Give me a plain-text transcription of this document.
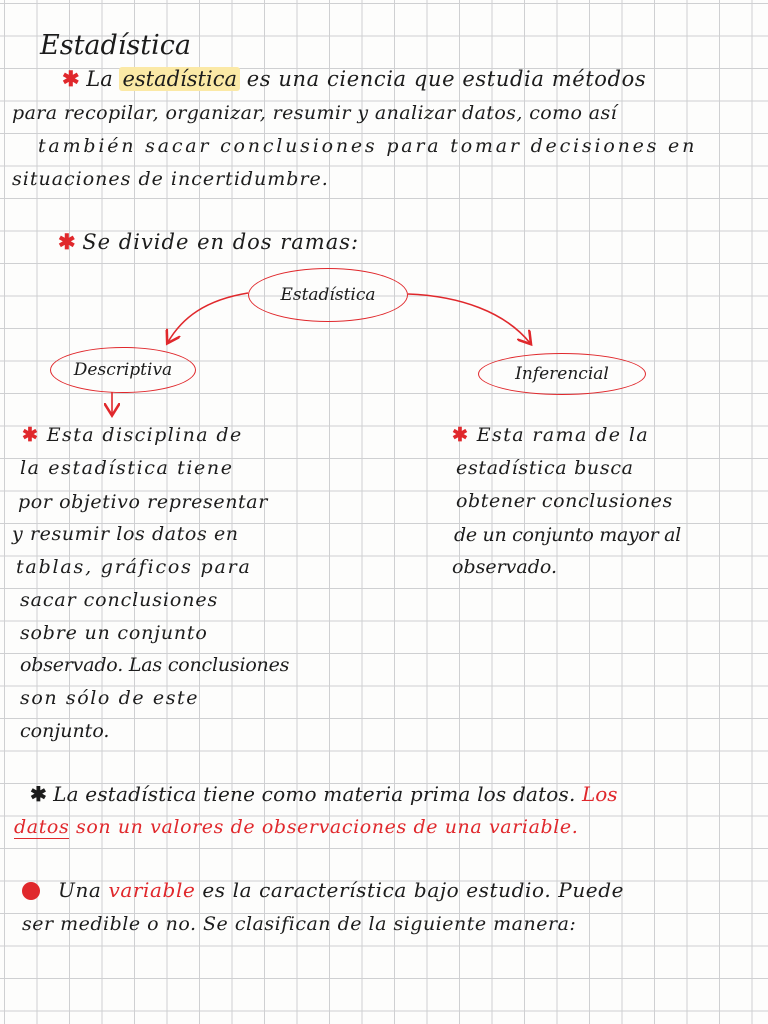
Estadística
✱ La estadística es una ciencia que estudia métodos
para recopilar, organizar, resumir y analizar datos, como así
también sacar conclusiones para tomar decisiones en
situaciones de incertidumbre.
✱ Se divide en dos ramas:
Estadística
Descriptiva	Inferencial
✱ Esta disciplina de
la estadística tiene
por objetivo representar
y resumir los datos en
tablas, gráficos para
sacar conclusiones
sobre un conjunto
observado. Las conclusiones
son sólo de este
conjunto.
✱ Esta rama de la
estadística busca
obtener conclusiones
de un conjunto mayor al
observado.
✱ La estadística tiene como materia prima los datos. Los
datos son un valores de observaciones de una variable.
Una variable es la característica bajo estudio. Puede
ser medible o no. Se clasifican de la siguiente manera:
